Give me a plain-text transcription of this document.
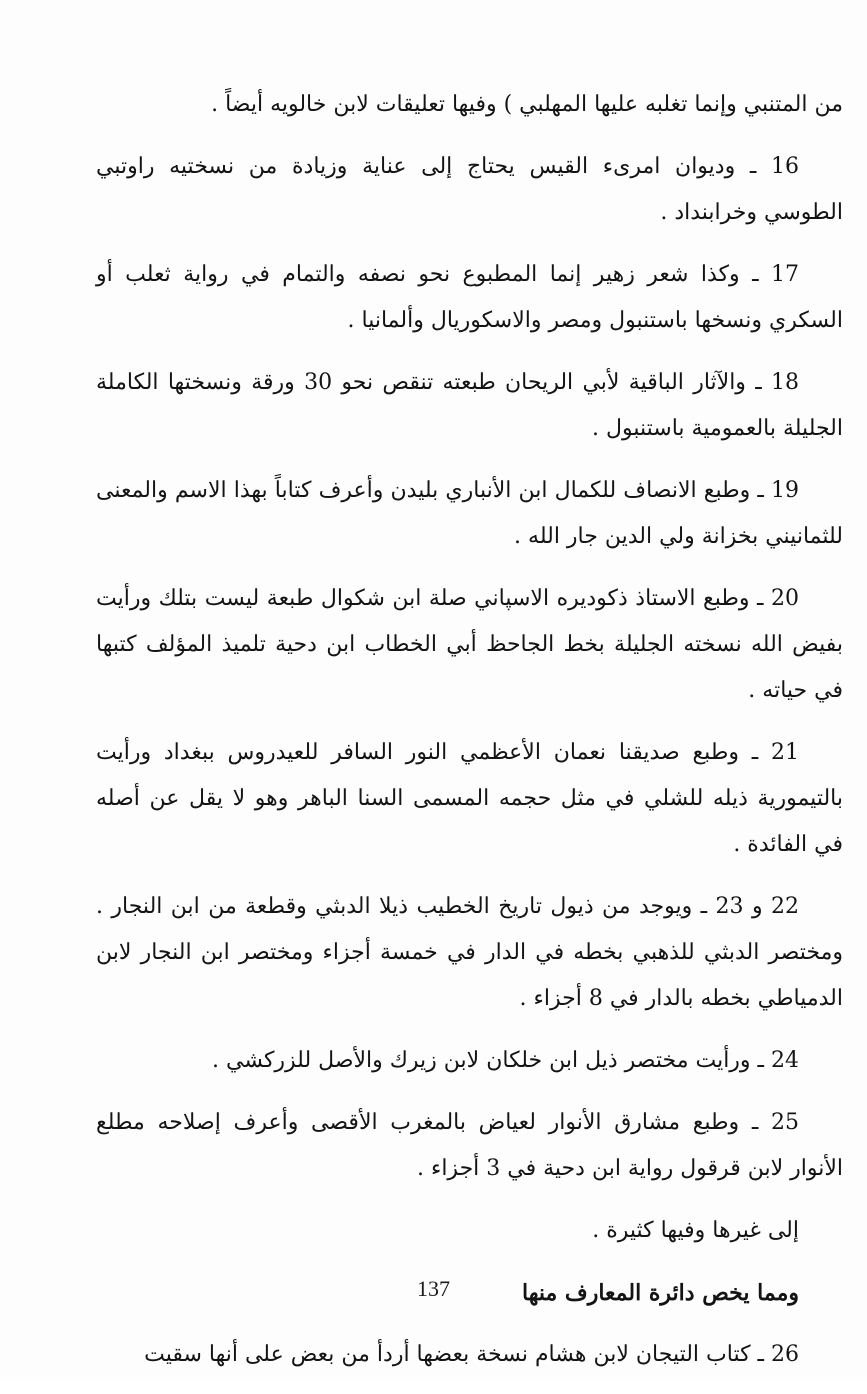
من المتنبي وإنما تغلبه عليها المهلبي ) وفيها تعليقات لابن خالويه أيضاً .

16 ـ وديوان امرىء القيس يحتاج إلى عناية وزيادة من نسختيه راوتبي الطوسي وخرابنداد .

17 ـ وكذا شعر زهير إنما المطبوع نحو نصفه والتمام في رواية ثعلب أو السكري ونسخها باستنبول ومصر والاسكوريال وألمانيا .

18 ـ والآثار الباقية لأبي الريحان طبعته تنقص نحو 30 ورقة ونسختها الكاملة الجليلة بالعمومية باستنبول .

19 ـ وطبع الانصاف للكمال ابن الأنباري بليدن وأعرف كتاباً بهذا الاسم والمعنى للثمانيني بخزانة ولي الدين جار الله .

20 ـ وطبع الاستاذ ذكوديره الاسپاني صلة ابن شكوال طبعة ليست بتلك ورأيت بفيض الله نسخته الجليلة بخط الجاحظ أبي الخطاب ابن دحية تلميذ المؤلف كتبها في حياته .

21 ـ وطبع صديقنا نعمان الأعظمي النور السافر للعيدروس ببغداد ورأيت بالتيمورية ذيله للشلي في مثل حجمه المسمى السنا الباهر وهو لا يقل عن أصله في الفائدة .

22 و 23 ـ ويوجد من ذيول تاريخ الخطيب ذيلا الدبثي وقطعة من ابن النجار . ومختصر الدبثي للذهبي بخطه في الدار في خمسة أجزاء ومختصر ابن النجار لابن الدمياطي بخطه بالدار في 8 أجزاء .

24 ـ ورأيت مختصر ذيل ابن خلكان لابن زيرك والأصل للزركشي .

25 ـ وطبع مشارق الأنوار لعياض بالمغرب الأقصى وأعرف إصلاحه مطلع الأنوار لابن قرقول رواية ابن دحية في 3 أجزاء .

إلى غيرها وفيها كثيرة .

ومما يخص دائرة المعارف منها

26 ـ كتاب التيجان لابن هشام نسخة بعضها أردأ من بعض على أنها سقيت

137
